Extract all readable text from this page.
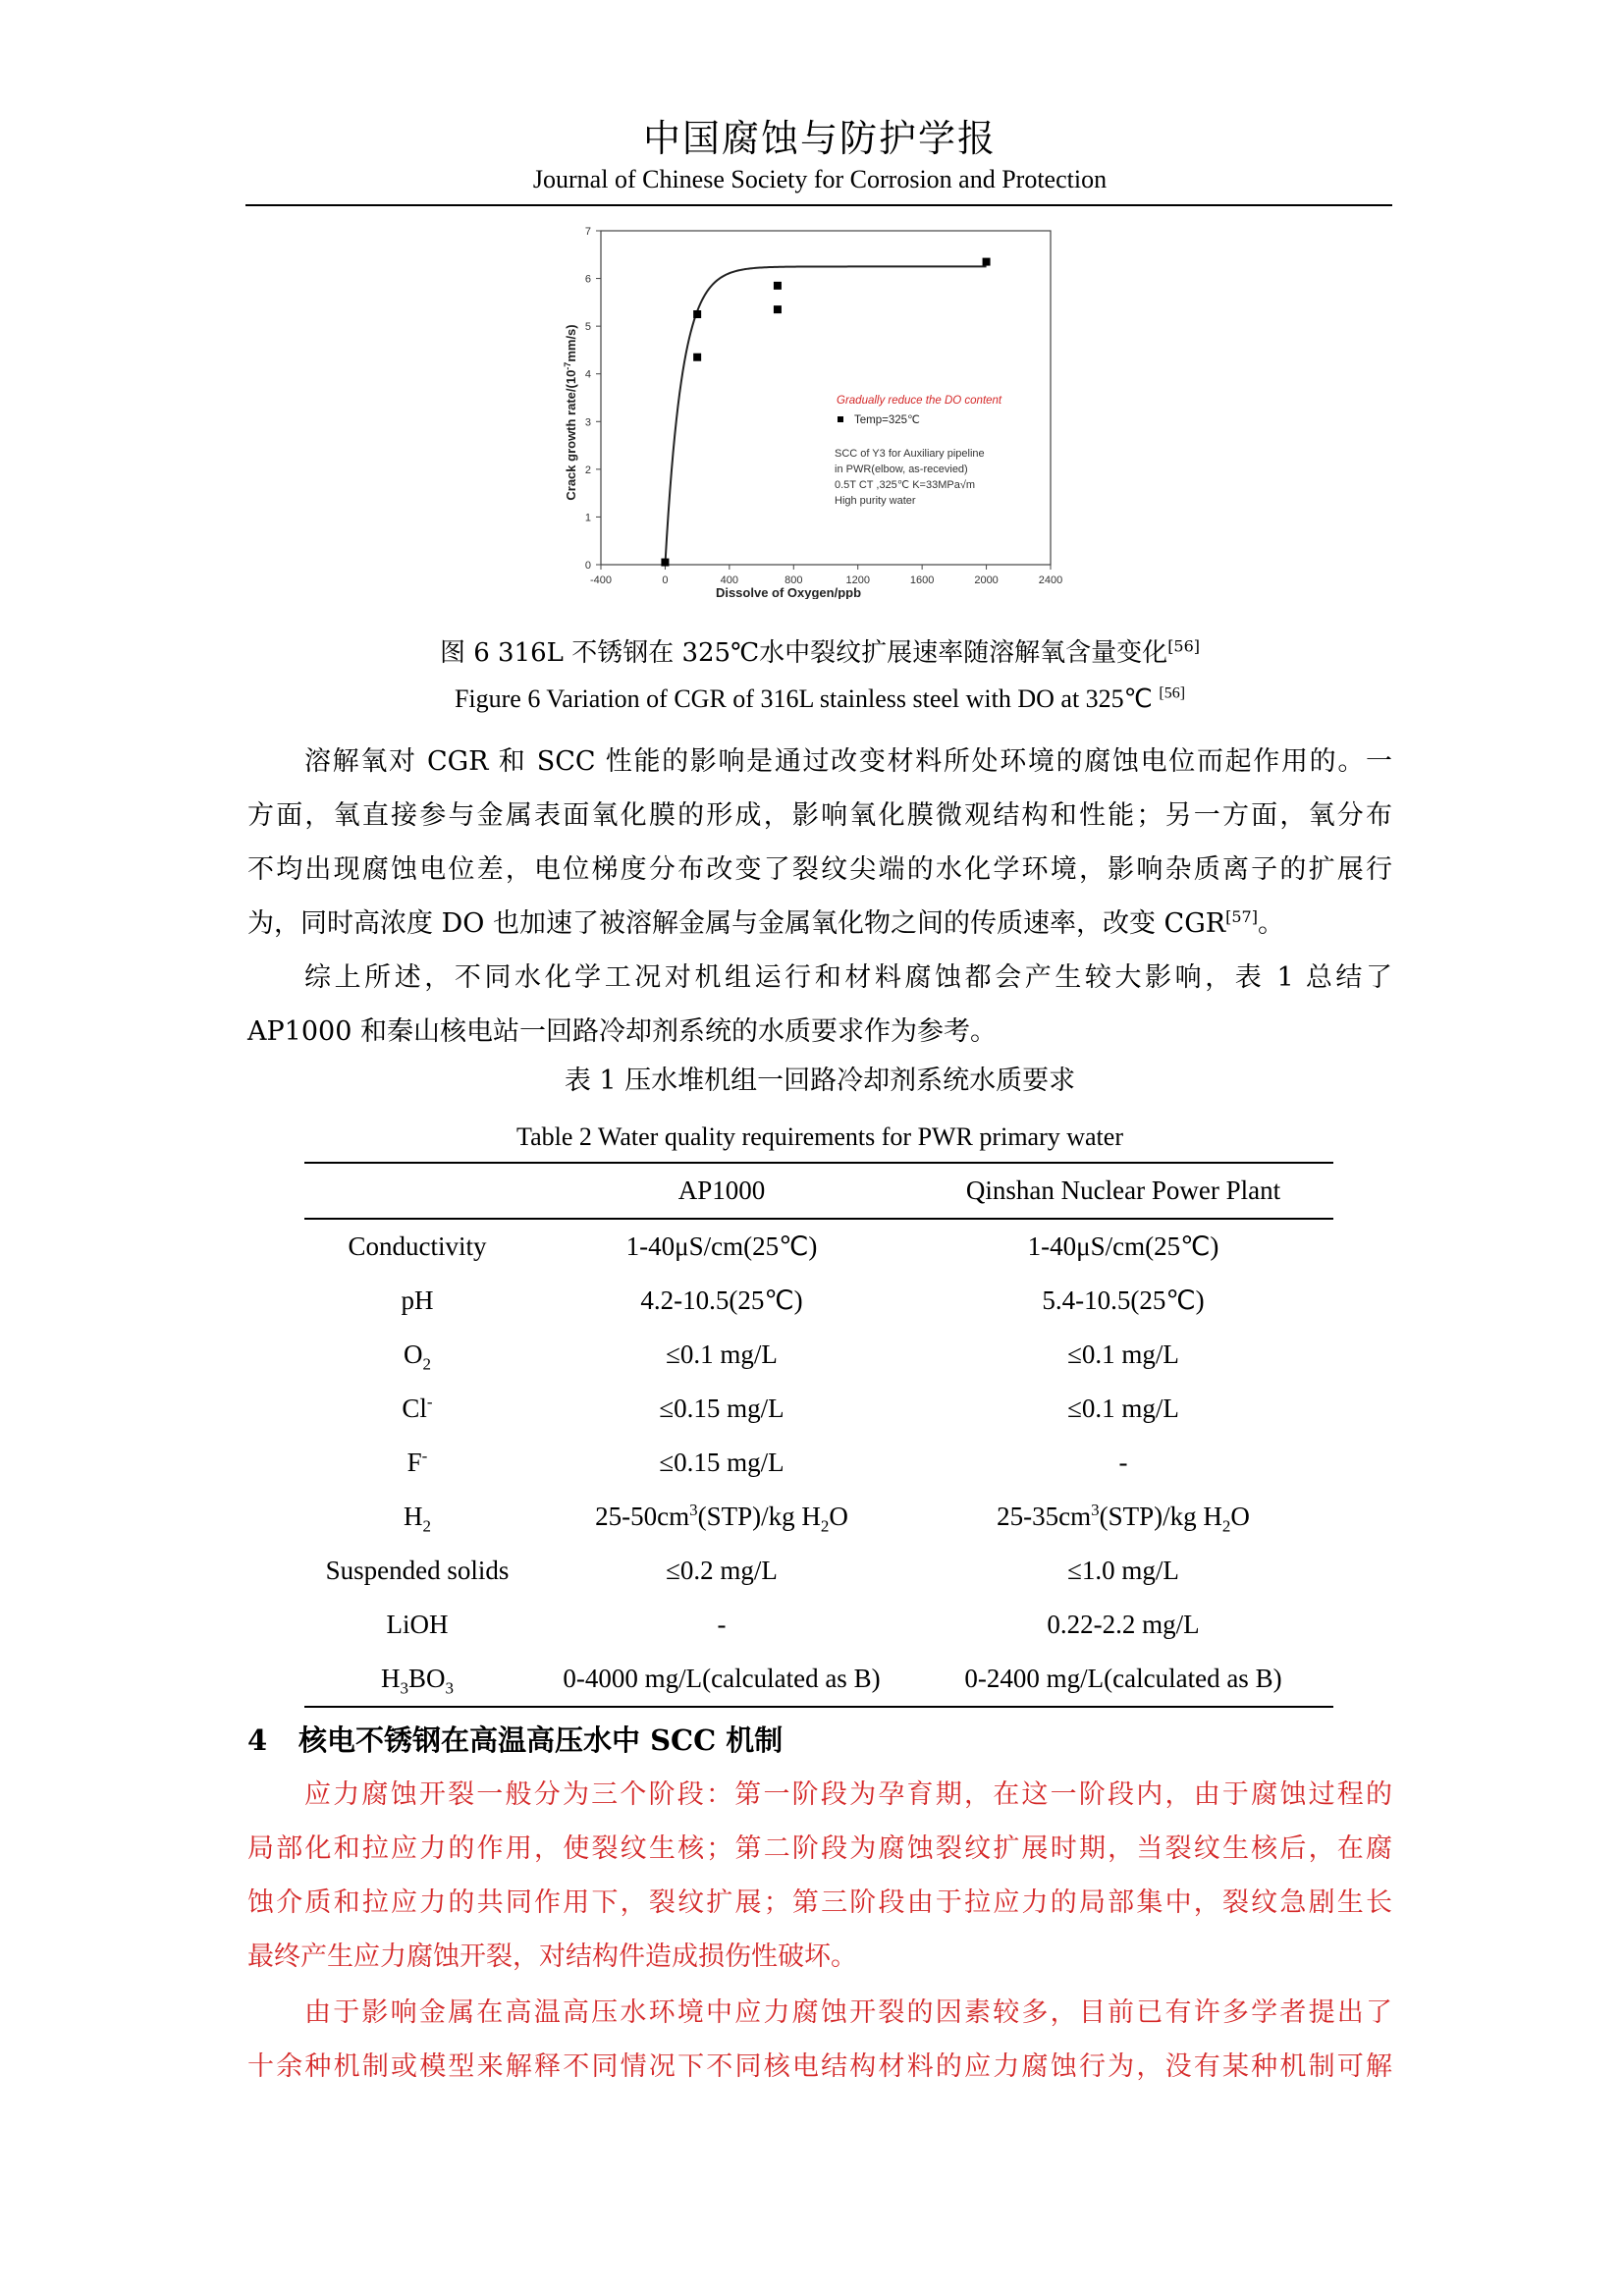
中国腐蚀与防护学报
Journal of Chinese Society for Corrosion and Protection
-400	0	400	800	1200	1600	2000	2400
0
1
2
3
4
5
6
7
Gradually reduce the DO content
Temp=325℃
SCC of Y3 for Auxiliary pipeline
in PWR(elbow, as-recevied)
0.5T CT ,325℃ K=33MPa√m
High purity water
Dissolve of Oxygen/ppb
Crack growth rate/$(10^{-7}mm/s)$
图 6 316L 不锈钢在 325℃水中裂纹扩展速率随溶解氧含量变化[56]
Figure 6 Variation of CGR of 316L stainless steel with DO at 325℃ [56]
溶解氧对 CGR 和 SCC 性能的影响是通过改变材料所处环境的腐蚀电位而起作用的。一
方面，氧直接参与金属表面氧化膜的形成，影响氧化膜微观结构和性能；另一方面，氧分布
不均出现腐蚀电位差，电位梯度分布改变了裂纹尖端的水化学环境，影响杂质离子的扩展行
为，同时高浓度 DO 也加速了被溶解金属与金属氧化物之间的传质速率，改变 CGR[57]。
综上所述，不同水化学工况对机组运行和材料腐蚀都会产生较大影响，表 1 总结了
AP1000 和秦山核电站一回路冷却剂系统的水质要求作为参考。
表 1 压水堆机组一回路冷却剂系统水质要求
Table 2 Water quality requirements for PWR primary water
	AP1000	Qinshan Nuclear Power Plant
Conductivity	1-40μS/cm(25℃)	1-40μS/cm(25℃)
pH	4.2-10.5(25℃)	5.4-10.5(25℃)
$O_2$	≤0.1 mg/L	≤0.1 mg/L
Cl-	≤0.15 mg/L	≤0.1 mg/L
F-	≤0.15 mg/L	-
$H_2$	$25-50cm^3(STP)/kg$ $H_2O$	$25-35cm^3(STP)/kg$ $H_2O$
Suspended solids	≤0.2 mg/L	≤1.0 mg/L
LiOH	-	0.22-2.2 mg/L
$H_3BO_3$	0-4000 mg/L(calculated as B)	0-2400 mg/L(calculated as B)
4 核电不锈钢在高温高压水中 SCC 机制
应力腐蚀开裂一般分为三个阶段：第一阶段为孕育期，在这一阶段内，由于腐蚀过程的
局部化和拉应力的作用，使裂纹生核；第二阶段为腐蚀裂纹扩展时期，当裂纹生核后，在腐
蚀介质和拉应力的共同作用下，裂纹扩展；第三阶段由于拉应力的局部集中，裂纹急剧生长
最终产生应力腐蚀开裂，对结构件造成损伤性破坏。
由于影响金属在高温高压水环境中应力腐蚀开裂的因素较多，目前已有许多学者提出了
十余种机制或模型来解释不同情况下不同核电结构材料的应力腐蚀行为，没有某种机制可解
